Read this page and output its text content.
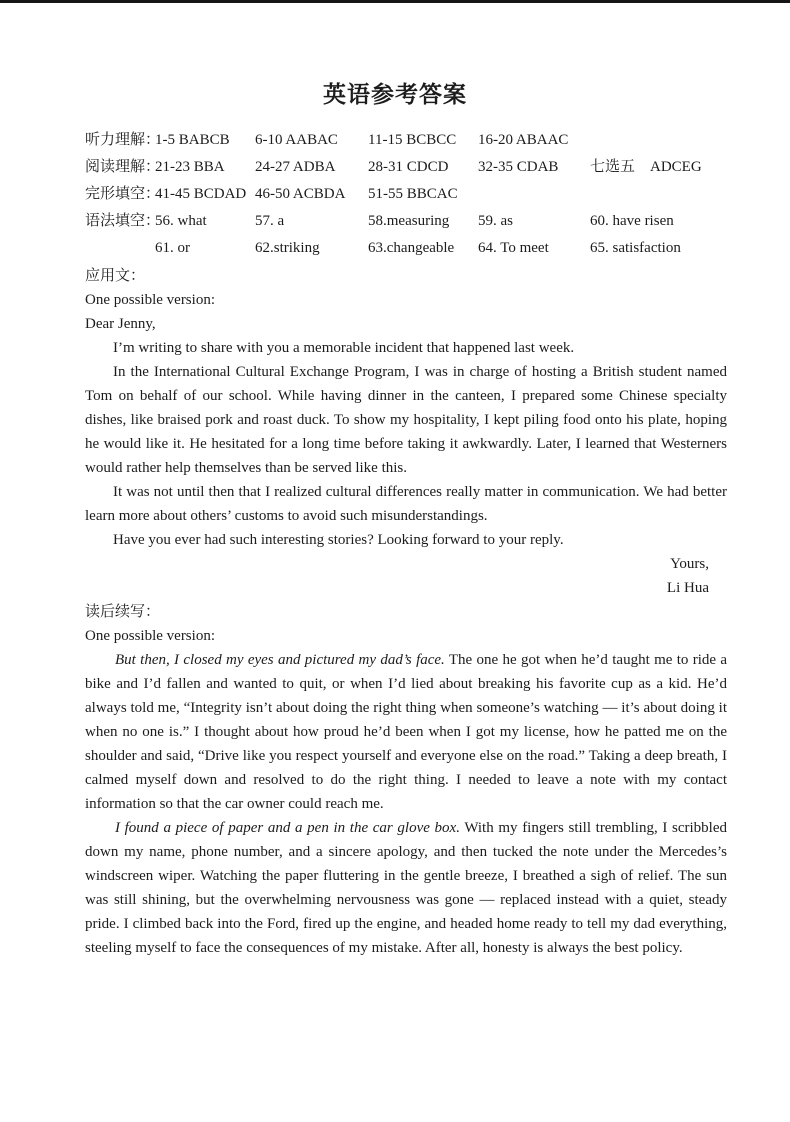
英语参考答案
听力理解：
1-5 BABCB	6-10 AABAC	11-15 BCBCC	16-20 ABAAC
阅读理解：
21-23 BBA	24-27 ADBA	28-31 CDCD	32-35 CDAB	七选五    ADCEG
完形填空：
41-45 BCDAD 46-50 ACBDA	51-55 BBCAC
语法填空：
56. what	57. a	58.measuring	59. as	60. have risen
61. or	62.striking	63.changeable	64. To meet	65. satisfaction
应用文：
One possible version:
Dear Jenny,
I’m writing to share with you a memorable incident that happened last week.

In the International Cultural Exchange Program, I was in charge of hosting a British student named Tom on behalf of our school. While having dinner in the canteen, I prepared some Chinese specialty dishes, like braised pork and roast duck. To show my hospitality, I kept piling food onto his plate, hoping he would like it. He hesitated for a long time before taking it awkwardly. Later, I learned that Westerners would rather help themselves than be served like this.

It was not until then that I realized cultural differences really matter in communication. We had better learn more about others’ customs to avoid such misunderstandings.

Have you ever had such interesting stories? Looking forward to your reply.
Yours,
Li Hua
读后续写：
One possible version:

But then, I closed my eyes and pictured my dad’s face. The one he got when he’d taught me to ride a bike and I’d fallen and wanted to quit, or when I’d lied about breaking his favorite cup as a kid. He’d always told me, “Integrity isn’t about doing the right thing when someone’s watching — it’s about doing it when no one is.” I thought about how proud he’d been when I got my license, how he patted me on the shoulder and said, “Drive like you respect yourself and everyone else on the road.” Taking a deep breath, I calmed myself down and resolved to do the right thing. I needed to leave a note with my contact information so that the car owner could reach me.

I found a piece of paper and a pen in the car glove box. With my fingers still trembling, I scribbled down my name, phone number, and a sincere apology, and then tucked the note under the Mercedes’s windscreen wiper. Watching the paper fluttering in the gentle breeze, I breathed a sigh of relief. The sun was still shining, but the overwhelming nervousness was gone — replaced instead with a quiet, steady pride. I climbed back into the Ford, fired up the engine, and headed home ready to tell my dad everything, steeling myself to face the consequences of my mistake. After all, honesty is always the best policy.
